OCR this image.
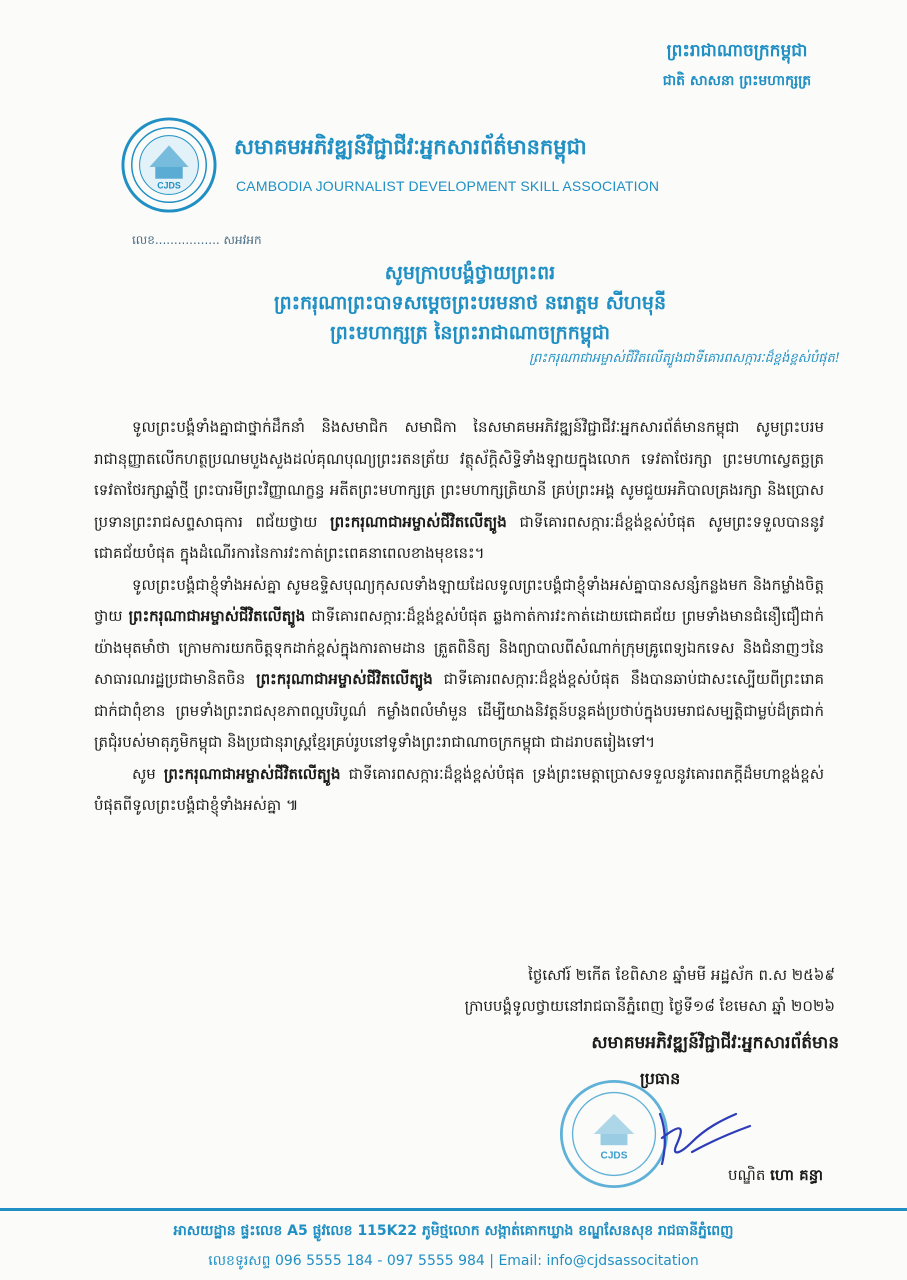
ព្រះរាជាណាចក្រកម្ពុជា
ជាតិ សាសនា ព្រះមហាក្សត្រ
CJDS
សមាគមអភិវឌ្ឍន៍វិជ្ជាជីវៈអ្នកសារព័ត៌មានកម្ពុជា
CAMBODIA JOURNALIST DEVELOPMENT SKILL ASSOCIATION
លេខ................. សអវអក
សូមក្រាបបង្គំថ្វាយព្រះពរ
ព្រះករុណាព្រះបាទសម្តេចព្រះបរមនាថ នរោត្តម សីហមុនី
ព្រះមហាក្សត្រ នៃព្រះរាជាណាចក្រកម្ពុជា
ព្រះករុណាជាអម្ចាស់ជីវិតលើត្បូងជាទីគោរពសក្ការៈដ៏ខ្ពង់ខ្ពស់បំផុត!

ទូលព្រះបង្គំទាំងគ្នាជាថ្នាក់ដឹកនាំ និងសមាជិក សមាជិកា នៃសមាគមអភិវឌ្ឍន៍វិជ្ជាជីវៈអ្នកសារព័ត៌មានកម្ពុជា សូមព្រះបរមរាជានុញ្ញាតលើកហត្ថប្រណមបួងសួងដល់គុណបុណ្យព្រះរតនត្រ័យ វត្ថុស័ក្តិសិទ្ធិទាំងឡាយក្នុងលោក ទេវតាថែរក្សា ព្រះមហាស្វេតច្ឆត្រ ទេវតាថែរក្សាឆ្នាំថ្មី ព្រះបារមីព្រះវិញ្ញាណក្ខន្ធ អតីតព្រះមហាក្សត្រ ព្រះមហាក្សត្រិយានី គ្រប់ព្រះអង្គ សូមជួយអភិបាលគ្រងរក្សា និងប្រោសប្រទានព្រះរាជសព្ទសាធុការ ពជ័យថ្វាយ ព្រះករុណាជាអម្ចាស់ជីវិតលើត្បូង ជាទីគោរពសក្ការៈដ៏ខ្ពង់ខ្ពស់បំផុត សូមព្រះទទួលបាននូវជោគជ័យបំផុត ក្នុងដំណើរការនៃការវះកាត់ព្រះពេគនាពេលខាងមុខនេះ។

ទូលព្រះបង្គំជាខ្ញុំទាំងអស់គ្នា សូមឧទ្ទិសបុណ្យកុសលទាំងឡាយដែលទូលព្រះបង្គំជាខ្ញុំទាំងអស់គ្នាបានសន្សំកន្លងមក និងកម្លាំងចិត្ត ថ្វាយ ព្រះករុណាជាអម្ចាស់ជីវិតលើត្បូង ជាទីគោរពសក្ការៈដ៏ខ្ពង់ខ្ពស់បំផុត ឆ្លងកាត់ការវះកាត់ដោយជោគជ័យ ព្រមទាំងមានជំនឿជឿជាក់យ៉ាងមុតមាំថា ក្រោមការយកចិត្តទុកដាក់ខ្ពស់ក្នុងការតាមដាន ត្រួតពិនិត្យ និងព្យាបាលពីសំណាក់ក្រុមគ្រូពេទ្យឯកទេស និងជំនាញៗនៃសាធារណរដ្ឋប្រជាមានិតចិន ព្រះករុណាជាអម្ចាស់ជីវិតលើត្បូង ជាទីគោរពសក្ការៈដ៏ខ្ពង់ខ្ពស់បំផុត នឹងបានឆាប់ជាសះស្បើយពីព្រះរោគជាក់ជាពុំខាន ព្រមទាំងព្រះរាជសុខភាពល្អបរិបូណ៌ កម្លាំងពលំមាំមួន ដើម្បីយាងនិវត្តន៍បន្តគង់ប្រថាប់ក្នុងបរមរាជសម្បត្តិជាម្លប់ដ៏ត្រជាក់ត្រជុំរបស់មាតុភូមិកម្ពុជា និងប្រជានុរាស្ត្រខ្មែរគ្រប់រូបនៅទូទាំងព្រះរាជាណាចក្រកម្ពុជា ជាដរាបតរៀងទៅ។

សូម ព្រះករុណាជាអម្ចាស់ជីវិតលើត្បូង ជាទីគោរពសក្ការៈដ៏ខ្ពង់ខ្ពស់បំផុត ទ្រង់ព្រះមេត្តាប្រោសទទួលនូវគោរពភក្តីដ៏មហាខ្ពង់ខ្ពស់បំផុតពីទូលព្រះបង្គំជាខ្ញុំទាំងអស់គ្នា ៕

ថ្ងៃសៅរ៍ ២កើត ខែពិសាខ ឆ្នាំមមី អដ្ឋស័ក ព.ស ២៥៦៩
ក្រាបបង្គំទូលថ្វាយនៅរាជធានីភ្នំពេញ ថ្ងៃទី១៨ ខែមេសា ឆ្នាំ ២០២៦
សមាគមអភិវឌ្ឍន៍វិជ្ជាជីវៈអ្នកសារព័ត៌មាន
ប្រធាន
CJDS
បណ្ឌិត ហោ គន្ធា
អាសយដ្ឋាន ផ្ទះលេខ A5 ផ្លូវលេខ 115K22 ភូមិថ្មលោក សង្កាត់គោកឃ្លាង ខណ្ឌសែនសុខ រាជធានីភ្នំពេញ
លេខទូរសព្ទ 096 5555 184 - 097 5555 984 | Email: info@cjdsassocitation
